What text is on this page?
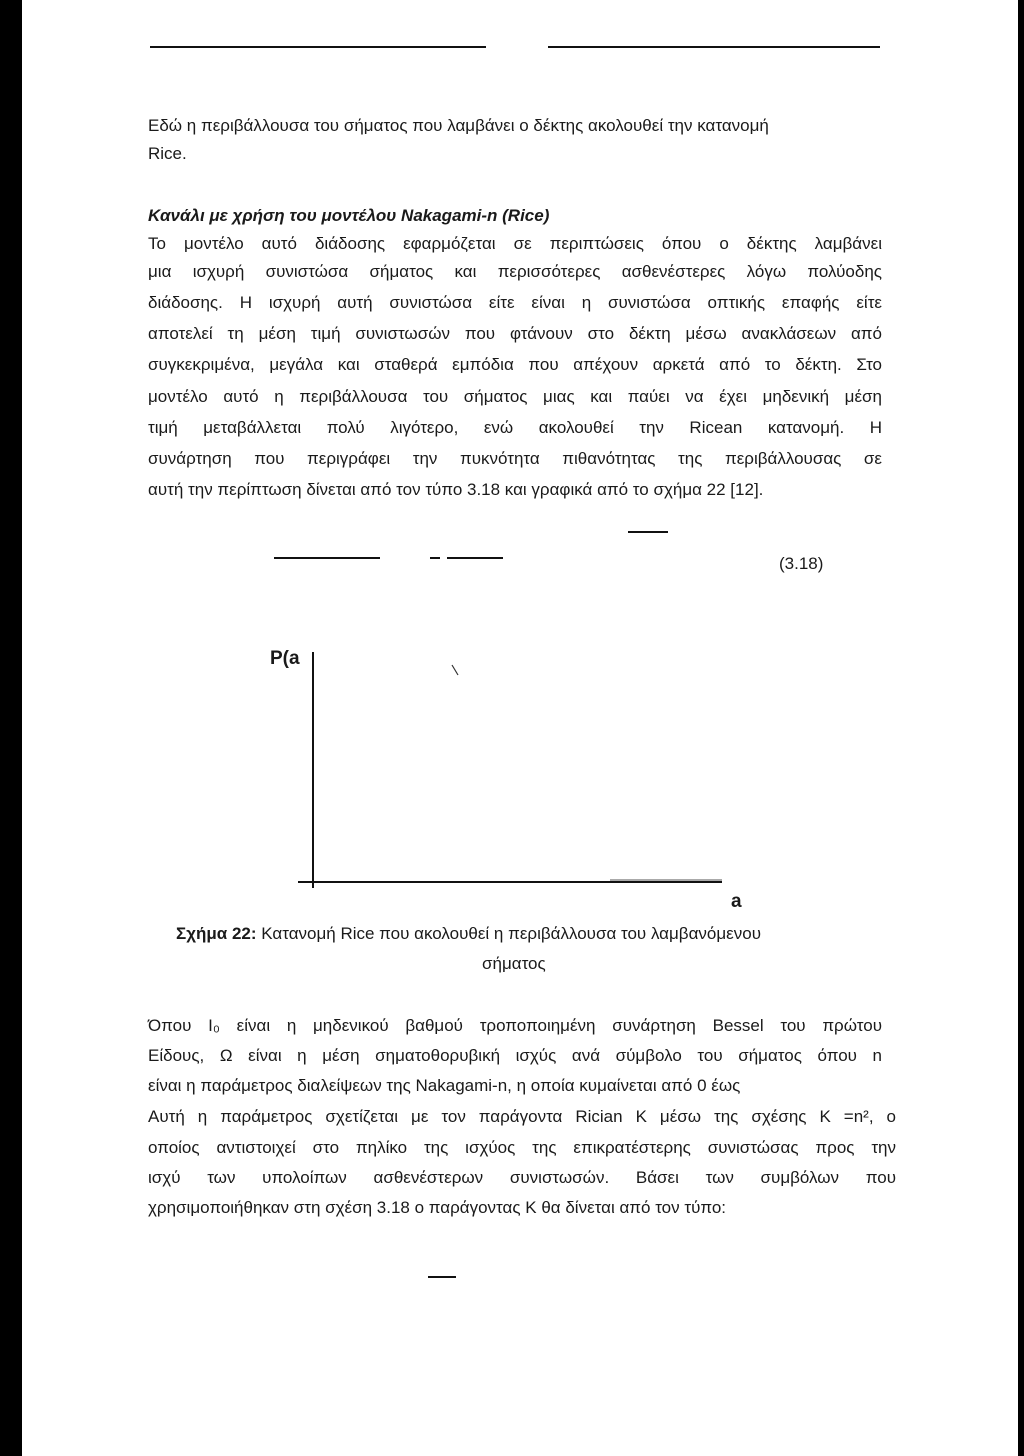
Εδώ η περιβάλλουσα του σήματος που λαμβάνει ο δέκτης ακολουθεί την κατανομή
Rice.
Κανάλι με χρήση του μοντέλου Nakagami-n (Rice)
Το μοντέλο αυτό διάδοσης εφαρμόζεται σε περιπτώσεις όπου ο δέκτης λαμβάνει
μια ισχυρή συνιστώσα σήματος και περισσότερες ασθενέστερες λόγω πολύοδης
διάδοσης. Η ισχυρή αυτή συνιστώσα είτε είναι η συνιστώσα οπτικής επαφής είτε
αποτελεί τη μέση τιμή συνιστωσών που φτάνουν στο δέκτη μέσω ανακλάσεων από
συγκεκριμένα, μεγάλα και σταθερά εμπόδια που απέχουν αρκετά από το δέκτη. Στο
μοντέλο αυτό η περιβάλλουσα του σήματος μιας και παύει να έχει μηδενική μέση
τιμή μεταβάλλεται πολύ λιγότερο, ενώ ακολουθεί την Ricean κατανομή. Η
συνάρτηση που περιγράφει την πυκνότητα πιθανότητας της περιβάλλουσας σε
αυτή την περίπτωση δίνεται από τον τύπο 3.18 και γραφικά από το σχήμα 22 [12].
(3.18)
P(a
a
Σχήμα 22: Κατανομή Rice που ακολουθεί η περιβάλλουσα του λαμβανόμενου
σήματος
Όπου I₀ είναι η μηδενικού βαθμού τροποποιημένη συνάρτηση Bessel του πρώτου
Είδους, Ω είναι η μέση σηματοθορυβική ισχύς ανά σύμβολο του σήματος όπου n
είναι η παράμετρος διαλείψεων της Nakagami-n, η οποία κυμαίνεται από 0 έως
Αυτή η παράμετρος σχετίζεται με τον παράγοντα Rician K μέσω της σχέσης K =n², ο
οποίος αντιστοιχεί στο πηλίκο της ισχύος της επικρατέστερης συνιστώσας προς την
ισχύ των υπολοίπων ασθενέστερων συνιστωσών. Βάσει των συμβόλων που
χρησιμοποιήθηκαν στη σχέση 3.18 ο παράγοντας K θα δίνεται από τον τύπο:
